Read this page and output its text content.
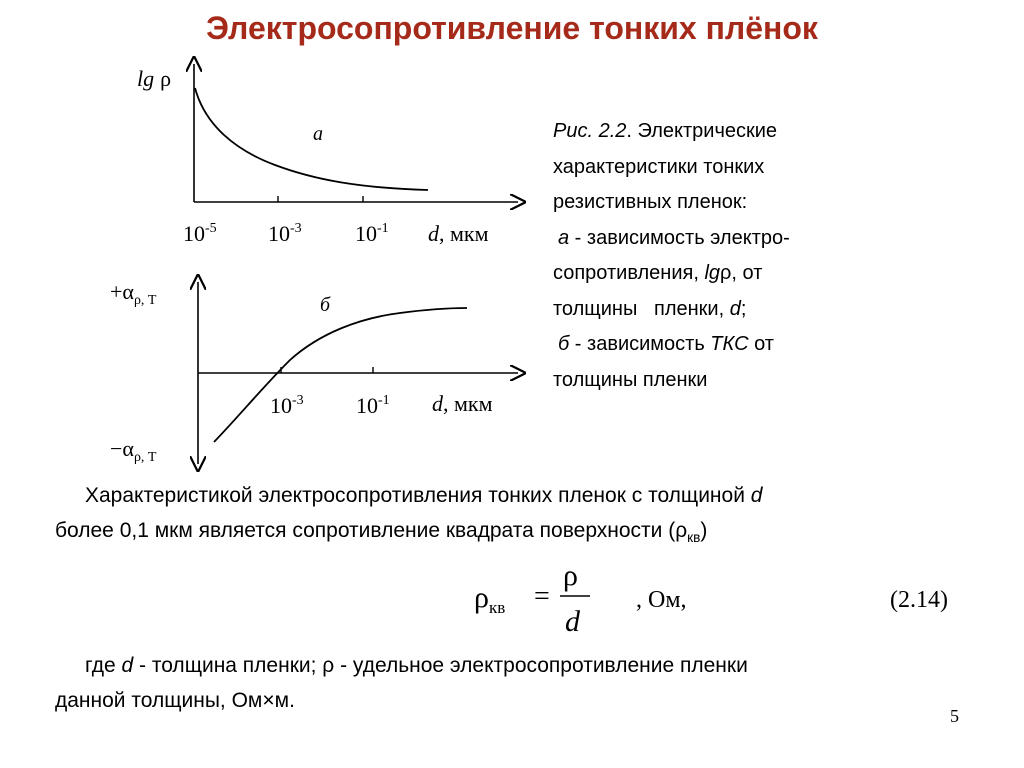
Электросопротивление тонких плёнок
lg ρ
а
$10^{-5}$ $10^{-3}$ $10^{-1}$ d, мкм
$+\alpha_{\rho, T}$
$-\alpha_{\rho, T}$
б
$10^{-3}$ $10^{-1}$ d, мкм
$\rho_{кв}$ =
ρ
d
, Ом,	(2.14)
Рис. 2.2. Электрические
характеристики тонких
резистивных пленок:
а - зависимость электро-
сопротивления, lgρ, от
толщины   пленки, d;
б - зависимость ТКС от
толщины пленки
Характеристикой электросопротивления тонких пленок с толщиной d
более 0,1 мкм является сопротивление квадрата поверхности $(\rho_{кв})$
где d - толщина пленки; ρ - удельное электросопротивление пленки
данной толщины, Ом×м.
5
